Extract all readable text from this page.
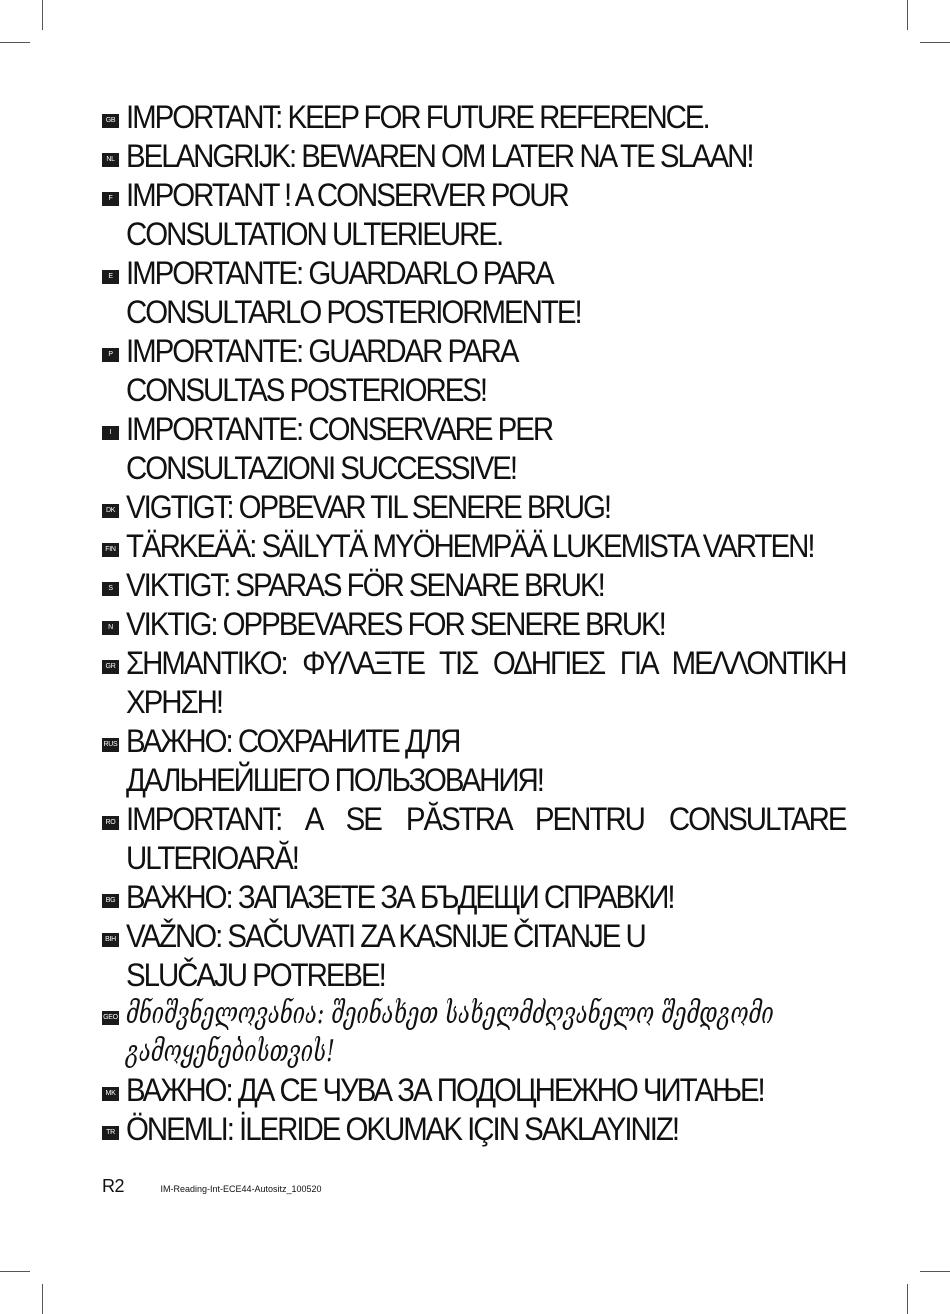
GB IMPORTANT: KEEP FOR FUTURE REFERENCE.
NL BELANGRIJK: BEWAREN OM LATER NA TE SLAAN!
F IMPORTANT ! A CONSERVER POUR CONSULTATION ULTERIEURE.
E IMPORTANTE: GUARDARLO PARA CONSULTARLO POSTERIORMENTE!
P IMPORTANTE: GUARDAR PARA CONSULTAS POSTERIORES!
I IMPORTANTE: CONSERVARE PER CONSULTAZIONI SUCCESSIVE!
DK VIGTIGT: OPBEVAR TIL SENERE BRUG!
FIN TÄRKEÄÄ: SÄILYTÄ MYÖHEMPÄÄ LUKEMISTA VARTEN!
S VIKTIGT: SPARAS FÖR SENARE BRUK!
N VIKTIG: OPPBEVARES FOR SENERE BRUK!
GR ΣΗΜΑΝΤΙΚΟ: ΦΥΛΑΞΤΕ ΤΙΣ ΟΔΗΓΙΕΣ ΓΙΑ ΜΕΛΛΟΝΤΙΚΗ ΧΡΗΣΗ!
RUS ВАЖНО: СОХРАНИТЕ ДЛЯ ДАЛЬНЕЙШЕГО ПОЛЬЗОВАНИЯ!
RO IMPORTANT: A SE PĂSTRA PENTRU CONSULTARE ULTERIOARĂ!
BG ВАЖНО: ЗАПАЗЕТЕ ЗА БЪДЕЩИ СПРАВКИ!
BIH VAŽNO: SAČUVATI ZA KASNIJE ČITANJE U SLUČAJU POTREBE!
GEO მნიშვნელოვანია: შეინახეთ სახელმძღვანელო შემდგომი გამოყენებისთვის!
MK ВАЖНО: ДА СЕ ЧУВА ЗА ПОДОЦНЕЖНО ЧИТАЊЕ!
TR ÖNEMLI: İLERIDE OKUMAK IÇIN SAKLAYINIZ!
R2	IM-Reading-Int-ECE44-Autositz_100520
